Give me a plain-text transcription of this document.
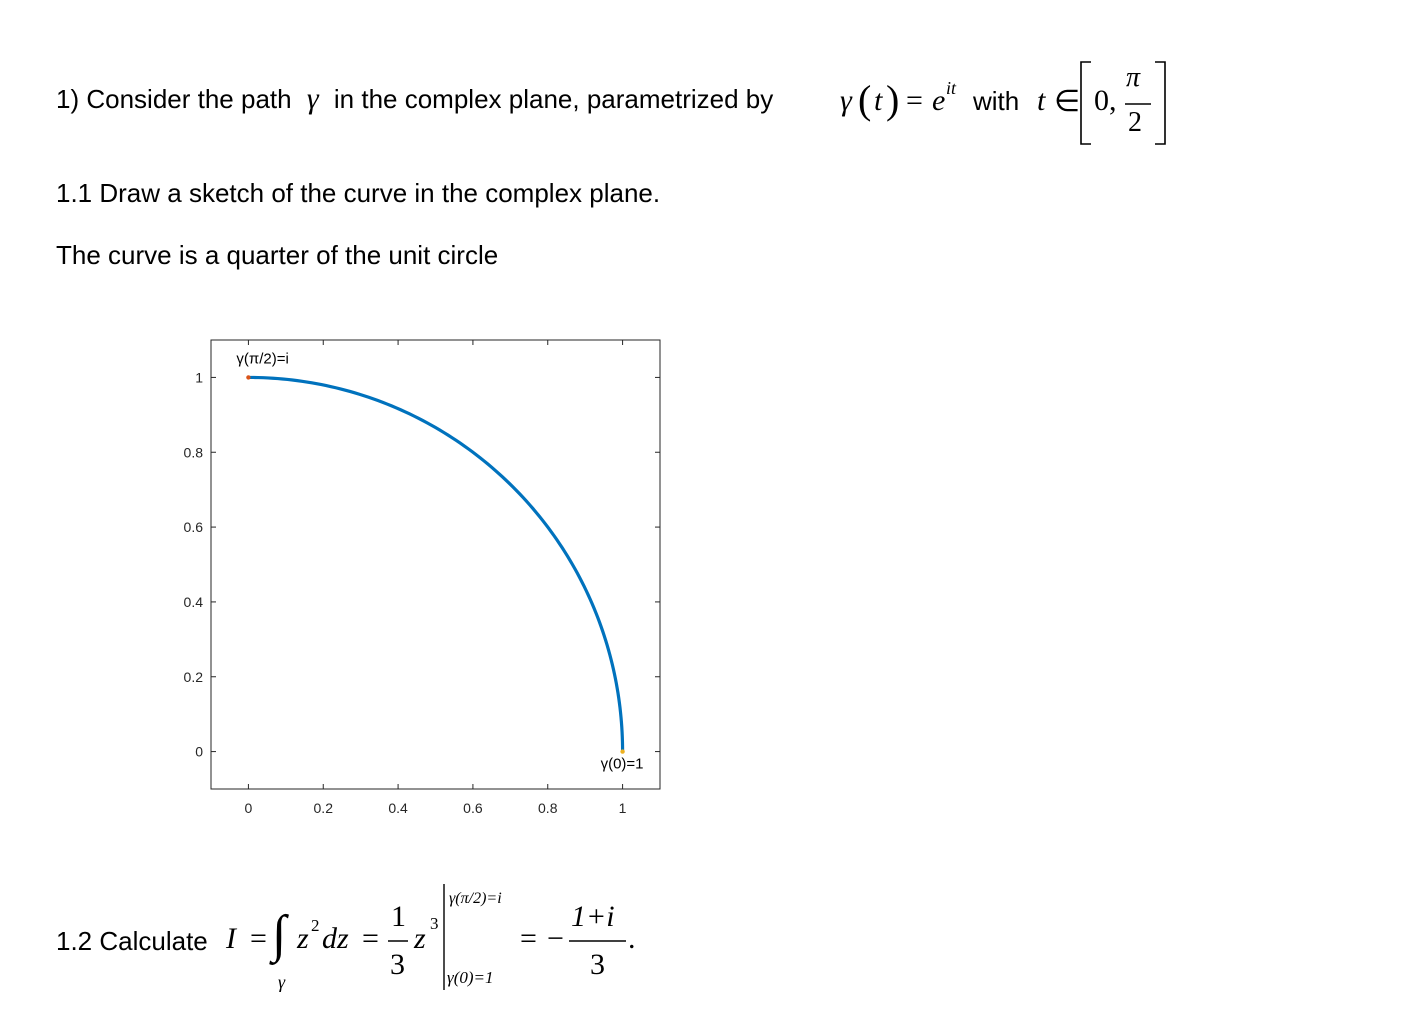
1) Consider the path γ in the complex plane, parametrized by γ ( t ) = e it with t ∈ 0,
π
2
1.1 Draw a sketch of the curve in the complex plane.
The curve is a quarter of the unit circle
0	0.2	0.4	0.6	0.8	1
0
0.2
0.4
0.6
0.8
1
γ(0)=1
γ(π/2)=i
1.2 Calculate I = ∫
γ
z 2 dz =
1
3
z 3
γ(π/2)=i
γ(0)=1
= −
1+i
3
.
